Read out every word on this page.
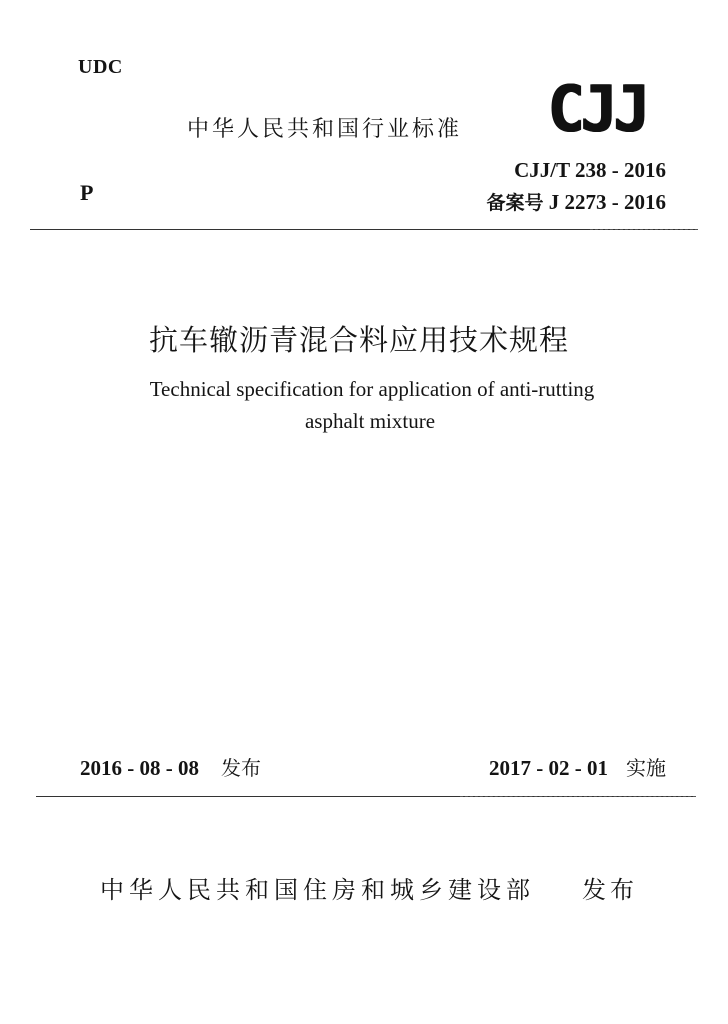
UDC
中华人民共和国行业标准 CJJ
P
CJJ/T 238 - 2016
备案号 J 2273 - 2016
抗车辙沥青混合料应用技术规程
Technical specification for application of anti-rutting
asphalt mixture
2016 - 08 - 08 发布	2017 - 02 - 01 实施
中华人民共和国住房和城乡建设部 发布
